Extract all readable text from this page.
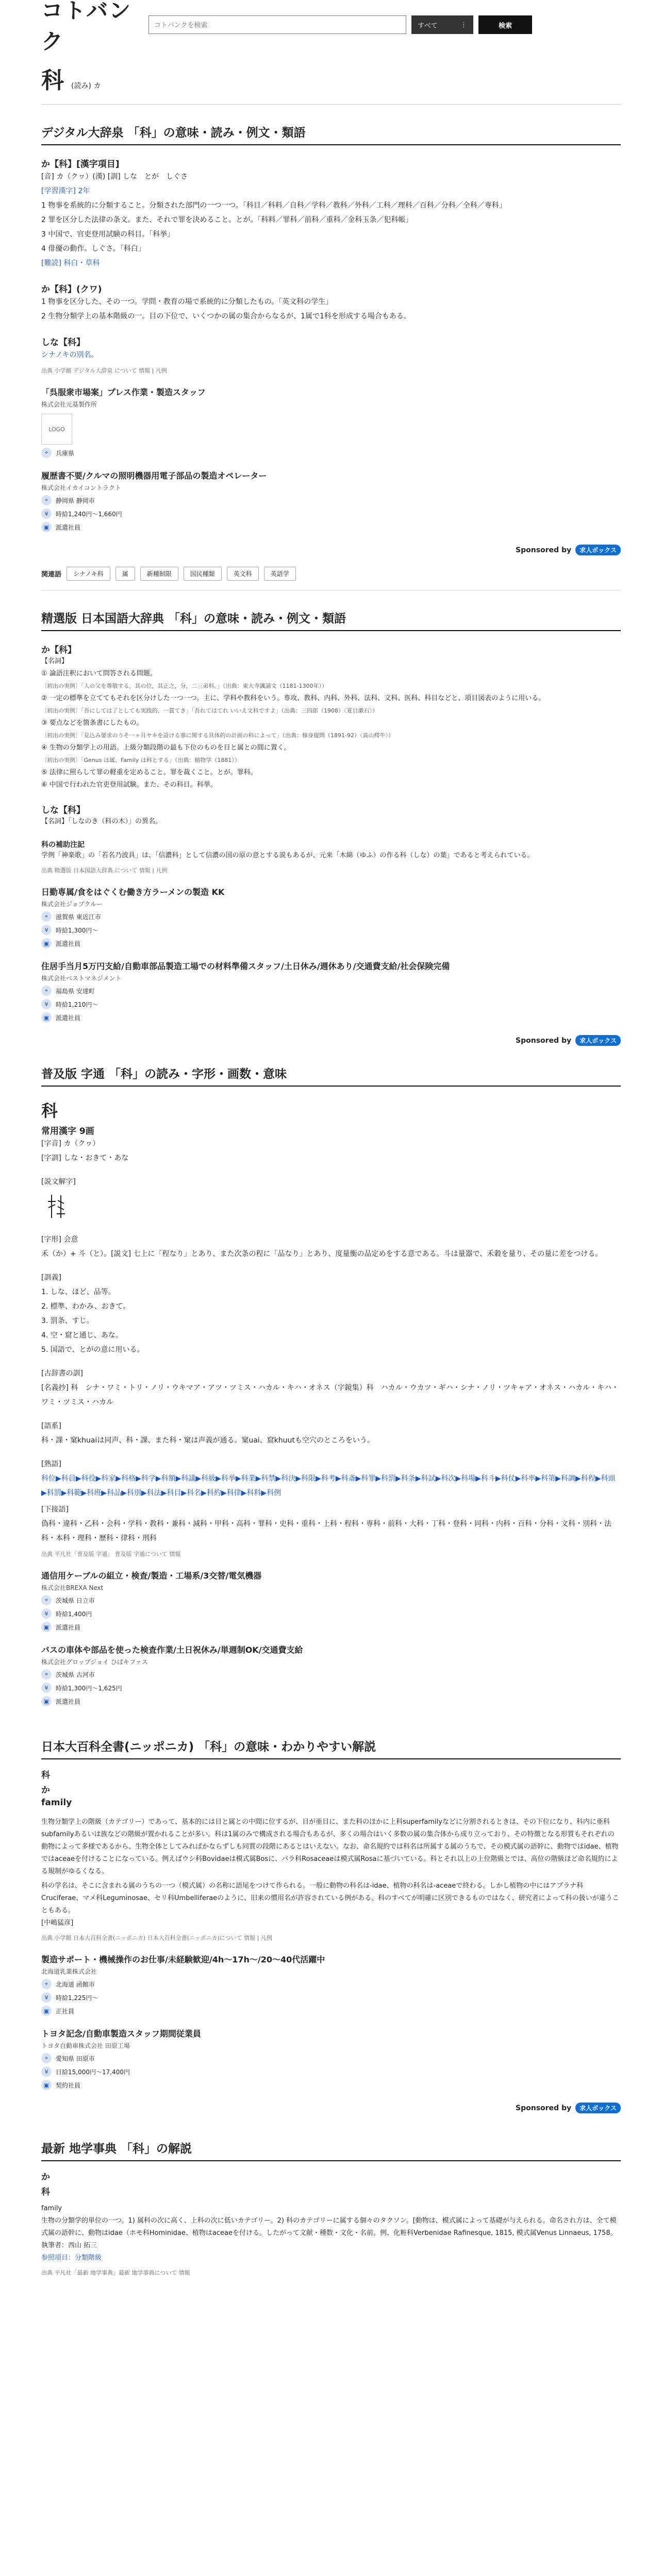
コトバンク
コトバンクを検索
すべて	⋮	検索
科 (読み) カ
デジタル大辞泉 「科」の意味・読み・例文・類語
か【科】[漢字項目]
[音] カ（クヮ）(漢) [訓] しな　とが　しぐさ
[学習漢字] 2年
1 物事を系統的に分類すること。分類された部門の一つ一つ。「科目／科料／自科／学科／教科／外科／工科／理科／百科／分科／全科／専科」
2 罪を区分した法律の条文。また、それで罪を決めること。とが。「科料／罪科／前科／重科／金科玉条／犯科帳」
3 中国で、官吏登用試験の科目。「科挙」
4 俳優の動作。しぐさ。「科白」
[難読] 科白・草科
か【科】(クワ)
1 物事を区分した、その一つ。学問・教育の場で系統的に分類したもの。「英文科の学生」
2 生物分類学上の基本階級の一。目の下位で、いくつかの属の集合からなるが、1属で1科を形成する場合もある。
しな【科】
シナノキの別名。
出典 小学館 デジタル大辞泉 について 情報 | 凡例
「呉服衆市場案」プレス作業・製造スタッフ
株式会社元基製作所
LOGO
⌖	兵庫県
履歴書不要/クルマの照明機器用電子部品の製造オペレーター
株式会社イカイコントラクト
⌖	静岡県 静岡市
¥	時給1,240円〜1,660円
▣	派遣社員
Sponsored by	求人ボックス
関連語	シナノキ科	属	新種制限	国民種類	英文科	英語学
精選版 日本国語大辞典 「科」の意味・読み・例文・類語
か【科】
【名詞】
① 論語注釈において問答される問題。
〔初出の実例〕「人の父を尊敬する，其の位，其正之，分，二三弟科。」（出典：東大寺諷誦文（1181-1300年））
② 一定の標準を立ててもそれを区分けした一つ一つ。主に、学科や教科をいう。専攻、教科、内科、外科、法科、文科、医科、科目などと、項目図表のように用いる。
〔初出の実例〕「吾にしては了としても実践的、一貫てき」「吾れてはてれ いいえ文科ですよ」（出典：三四郎（1908）〈夏目漱石〉）
③ 要点などを箇条書にしたもの。
〔初出の実例〕「見込み要求のうそ一ヶ月ヤキを設ける事に関する具体的の計画の科によって」（出典：修身提問（1891-92）〈高山樗牛〉）
④ 生物の分類学上の用語。上級分類段階の最も下位のものを目と属との間に置く。
〔初出の実例〕「Genus は属、Family は科とする」（出典：植物学（1881））
⑤ 法律に照らして罪の軽重を定めること。罪を裁くこと。とが。罪科。
⑥ 中国で行われた官吏登用試験。また、その科目。科挙。
しな【科】
【名詞】「しなのき（科の木）」の異名。
科の補助注記
学例「神楽歌」の「若名乃波具」は、「信濃科」として信濃の国の原の意とする説もあるが、元来「木綿（ゆふ）の作る科（しな）の葉」であると考えられている。
出典 精選版 日本国語大辞典 について 情報 | 凡例
日勤専属/食をはぐくむ働き方ラーメンの製造 KK
株式会社ジョブクルー
⌖	滋賀県 東近江市
¥	時給1,300円〜
▣	派遣社員
住居手当月5万円支給/自動車部品製造工場での材料準備スタッフ/土日休み/週休あり/交通費支給/社会保険完備
株式会社ベストマネジメント
⌖	福島県 安達町
¥	時給1,210円〜
▣	派遣社員
Sponsored by	求人ボックス
普及版 字通 「科」の読み・字形・画数・意味
科
常用漢字 9画
[字音] カ（クヮ）
[字訓] しな・おきて・あな
[説文解字]
[字形] 会意
禾（か）+ 斗（と）。[説文] 七上に「程なり」とあり、また次条の程に「品なり」とあり、度量衡の品定めをする意である。斗は量器で、禾穀を量り、その量に差をつける。
[訓義]
1. しな、ほど、品等。
2. 標準、わかみ、おきて。
3. 罰条、すじ。
4. 空・窟と通じ、あな。
5. 国語で、とがの意に用いる。
[古辞書の訓]
[名義抄] 科　シナ・ワミ・トリ・ノリ・ウキマア・アツ・ツミス・ハカル・キハ・オネス（字鏡集）科　ハカル・ウカツ・ギハ・シナ・ノリ・ツキャア・オネス・ハカル・キハ・ワミ・ツミス・ハカル
[語系]
科・課・窠khuaiは同声、科・課、また科・窠は声義が通る。窠uai、窟khuutも空穴のところをいう。
[熟語]
科位▶科員▶科役▶科家▶科格▶科学▶科額▶科議▶科級▶科挙▶科業▶科禁▶科決▶科限▶科考▶科斎▶科罪▶科罰▶科条▶科試▶科次▶科場▶科斗▶科仗▶科率▶科第▶科調▶科程▶科頭▶科罰▶科範▶科班▶科品▶科別▶科法▶科目▶科名▶科約▶科律▶科料▶科例
[下接語]
偽科・違科・乙科・会科・学科・教科・兼科・減科・甲科・高科・罪科・史科・重科・上科・程科・専科・前科・大科・丁科・登科・同科・内科・百科・分科・文科・別科・法科・本科・理科・歴科・律科・刑科
出典 平凡社「普及版 字通」 普及版 字通について 情報
通信用ケーブルの組立・検査/製造・工場系/3交替/電気機器
株式会社BREXA Next
⌖	茨城県 日立市
¥	時給1,400円
▣	派遣社員
バスの車体や部品を使った検査作業/土日祝休み/単週制OK/交通費支給
株式会社グロップジョイ ひばキファス
⌖	茨城県 古河市
¥	時給1,300円〜1,625円
▣	派遣社員
日本大百科全書(ニッポニカ) 「科」の意味・わかりやすい解説
科
か
family
生物分類学上の階級（カテゴリー）であって、基本的には目と属との中間に位するが、目が亜目に、また科のほかに上科superfamilyなどに分割されるときは、その下位になり、科内に亜科subfamilyあるいは族などの階級が置かれることが多い。科は1属のみで構成される場合もあるが、多くの場合はいく多数の属の集合体から成り立っており、その特徴となる形質もそれぞれの動物によって多様であるから、生物全体としてみればかならずしも同質の段階にあるとはいえない。なお、命名規約では科名は所属する属のうちで、その模式属の語幹に、動物ではidae、植物ではaceaeを付けることになっている。例えばウシ科Bovidaeは模式属Bosに、バラ科Rosaceaeは模式属Rosaに基づいている。科とそれ以上の上位階級とでは、高位の階級ほど命名規約による規制がゆるくなる。
科の学名は、そこに含まれる属のうちの一つ（模式属）の名称に語尾をつけて作られる。一般に動物の科名は-idae、植物の科名は-aceaeで終わる。しかし植物の中にはアブラナ科Cruciferae、マメ科Leguminosae、セリ科Umbelliferaeのように、旧来の慣用名が許容されている例がある。科のすべてが明確に区別できるものではなく、研究者によって科の扱いが違うこともある。
[中嶋猛彦]
出典 小学館 日本大百科全書(ニッポニカ) 日本大百科全書(ニッポニカ)について 情報 | 凡例
製造サポート・機械操作のお仕事/未経験歓迎/4h〜17h〜/20〜40代活躍中
北海道乳業株式会社
⌖	北海道 函館市
¥	時給1,225円〜
▣	正社員
トヨタ記念/自動車製造スタッフ期間従業員
トヨタ自動車株式会社 田原工場
⌖	愛知県 田原市
¥	日給15,000円〜17,400円
▣	契約社員
Sponsored by	求人ボックス
最新 地学事典 「科」の解説
か
科
family
生物の分類学的単位の一つ。1) 属科の次に高く、上科の次に低いカテゴリー。2) 科のカテゴリーに属する個々のタクソン。[動物は、模式属によって基礎が与えられる。命名され方は、全て模式属の語幹に、動物はidae（ホモ科Hominidae、植物はaceaeを付ける。したがって文献・種数・文化・名前。例、化粧科Verbenidae Rafinesque, 1815, 模式属Venus Linnaeus, 1758。
執筆者：西山 拓三
参照項目：分類階級
出典 平凡社「最新 地学事典」最新 地学事典について 情報
